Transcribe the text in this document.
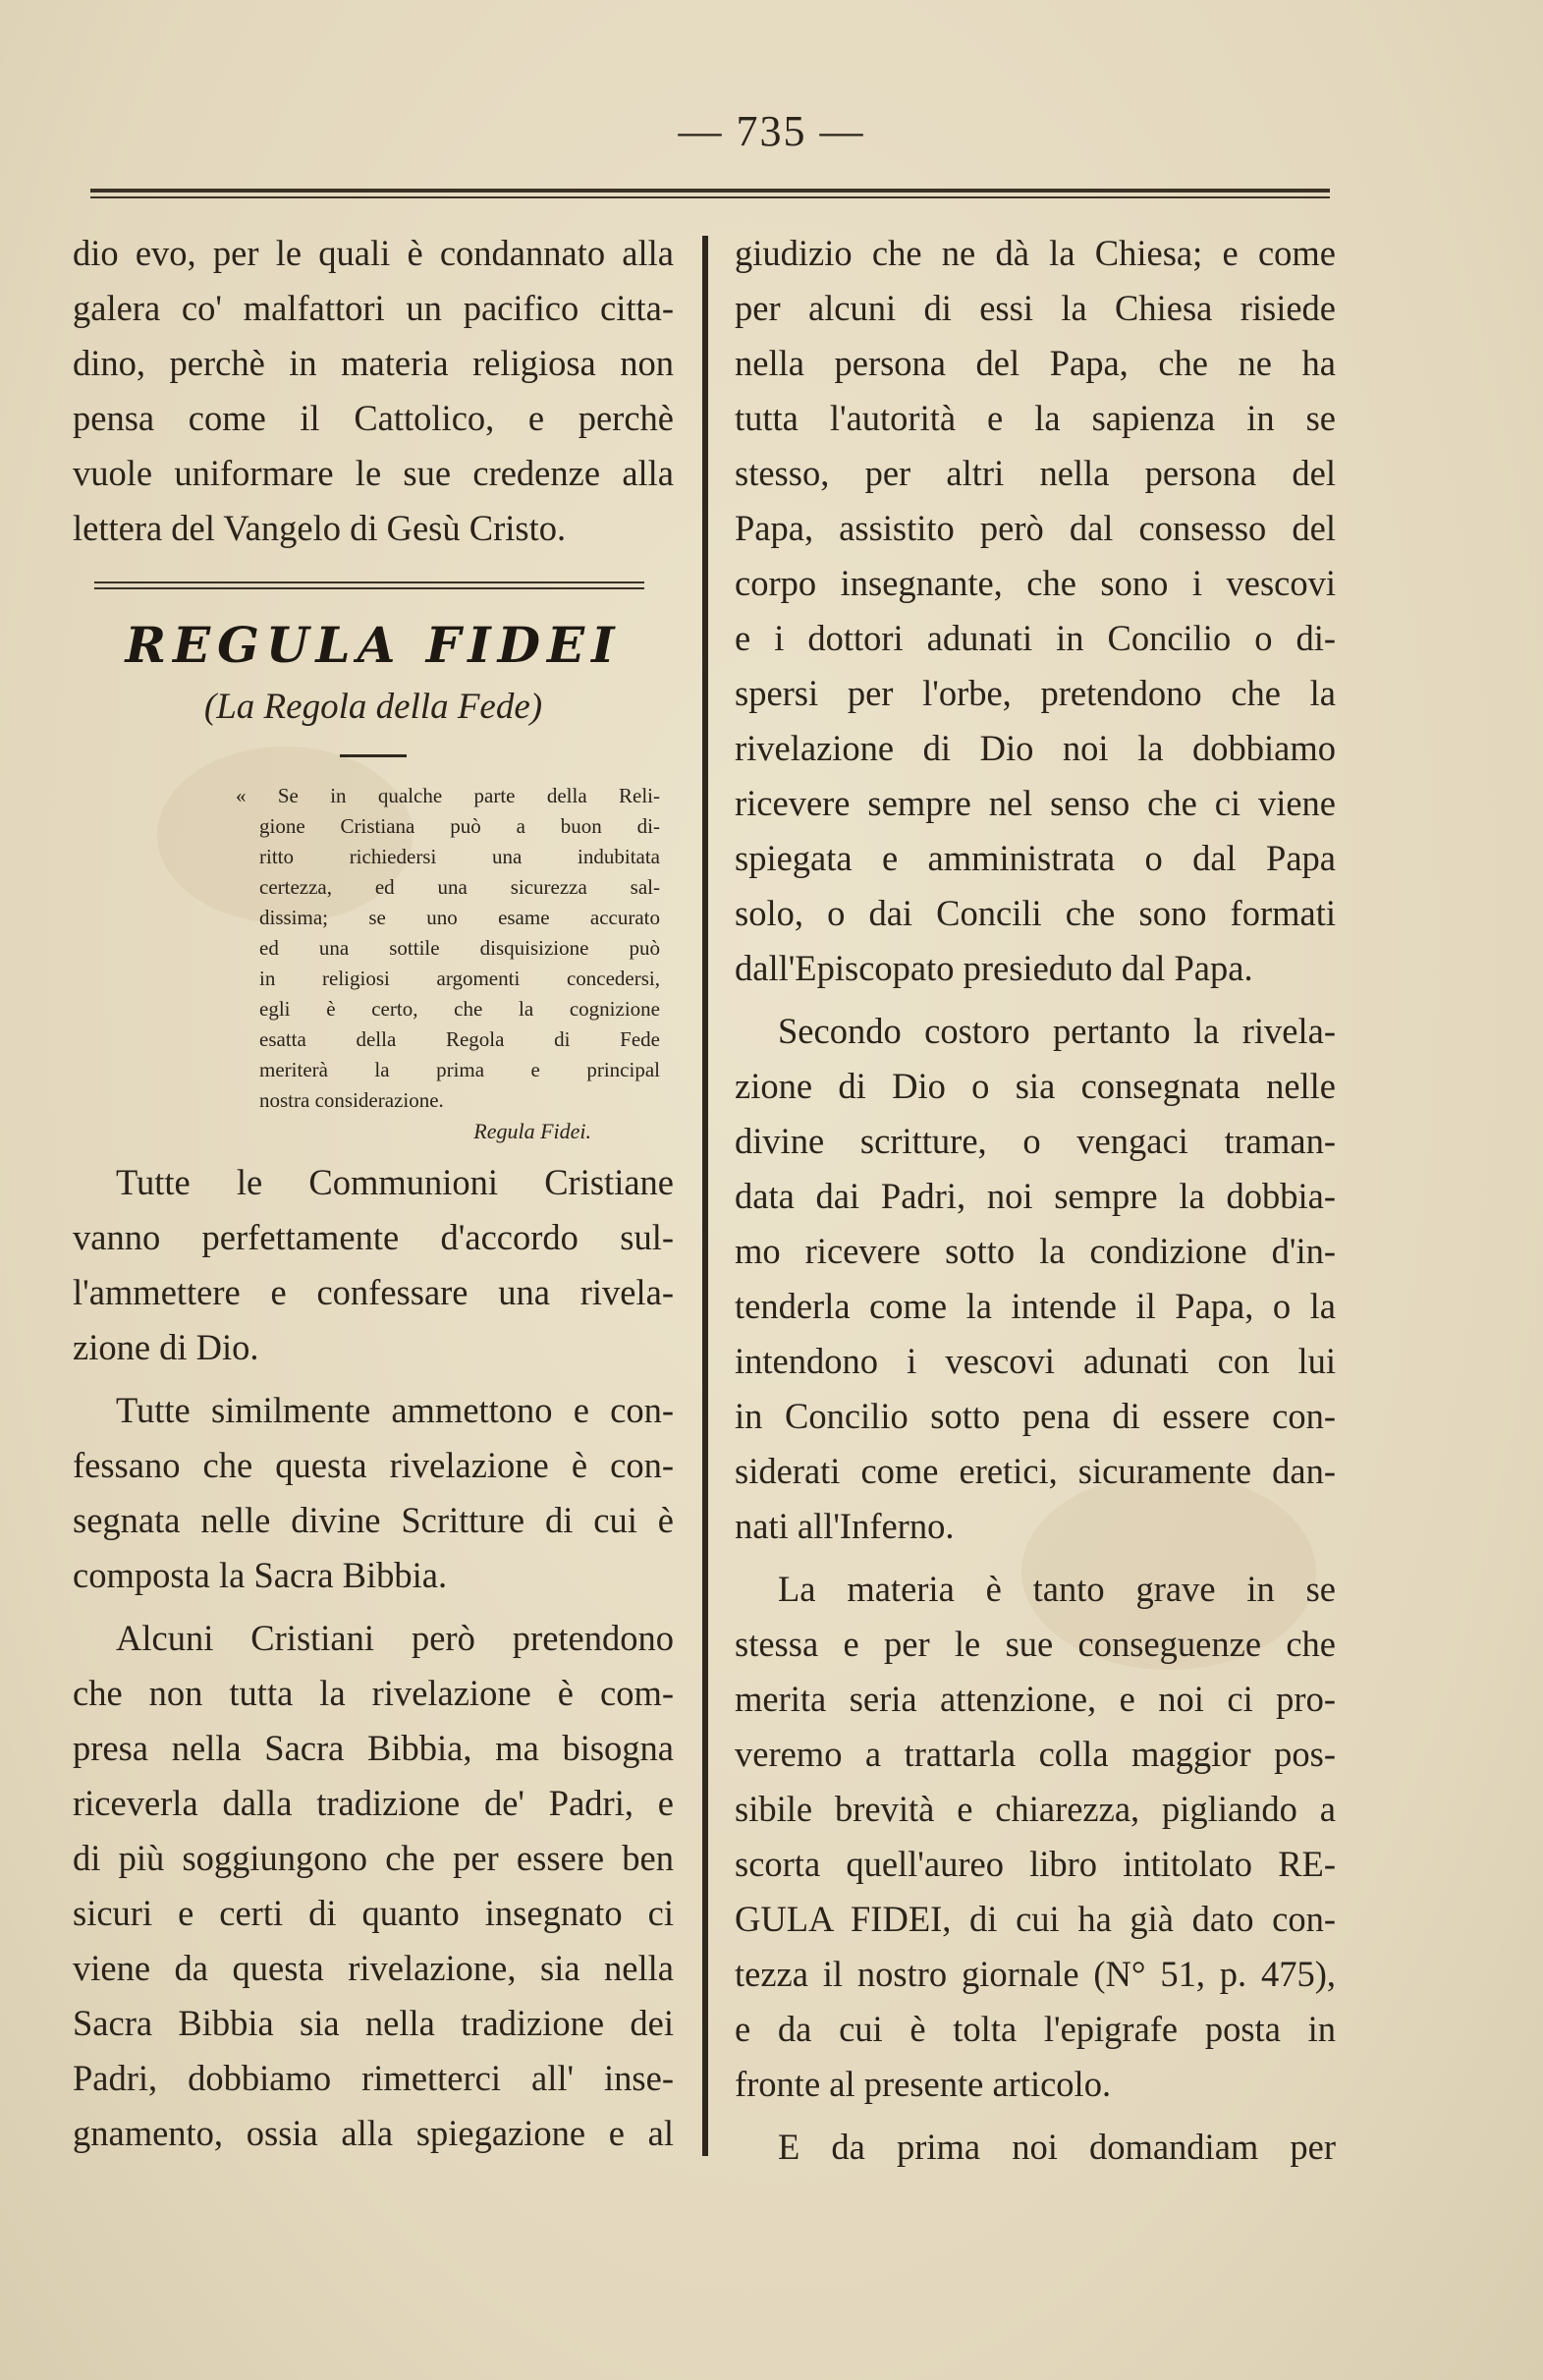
— 735 —

dio evo, per le quali è condannato alla
galera co' malfattori un pacifico citta-
dino, perchè in materia religiosa non
pensa come il Cattolico, e perchè
vuole uniformare le sue credenze alla
lettera del Vangelo di Gesù Cristo.

REGULA FIDEI
(La Regola della Fede)
« Se in qualche parte della Reli-
gione Cristiana può a buon di-
ritto richiedersi una indubitata
certezza, ed una sicurezza sal-
dissima; se uno esame accurato
ed una sottile disquisizione può
in religiosi argomenti concedersi,
egli è certo, che la cognizione
esatta della Regola di Fede
meriterà la prima e principal
nostra considerazione.
Regula Fidei.

Tutte le Communioni Cristiane

vanno perfettamente d'accordo sul-
l'ammettere e confessare una rivela-
zione di Dio.

Tutte similmente ammettono e con-

fessano che questa rivelazione è con-
segnata nelle divine Scritture di cui è
composta la Sacra Bibbia.

Alcuni Cristiani però pretendono

che non tutta la rivelazione è com-
presa nella Sacra Bibbia, ma bisogna
riceverla dalla tradizione de' Padri, e
di più soggiungono che per essere ben
sicuri e certi di quanto insegnato ci
viene da questa rivelazione, sia nella
Sacra Bibbia sia nella tradizione dei
Padri, dobbiamo rimetterci all' inse-
gnamento, ossia alla spiegazione e al

giudizio che ne dà la Chiesa; e come
per alcuni di essi la Chiesa risiede
nella persona del Papa, che ne ha
tutta l'autorità e la sapienza in se
stesso, per altri nella persona del
Papa, assistito però dal consesso del
corpo insegnante, che sono i vescovi
e i dottori adunati in Concilio o di-
spersi per l'orbe, pretendono che la
rivelazione di Dio noi la dobbiamo
ricevere sempre nel senso che ci viene
spiegata e amministrata o dal Papa
solo, o dai Concili che sono formati
dall'Episcopato presieduto dal Papa.

Secondo costoro pertanto la rivela-

zione di Dio o sia consegnata nelle
divine scritture, o vengaci traman-
data dai Padri, noi sempre la dobbia-
mo ricevere sotto la condizione d'in-
tenderla come la intende il Papa, o la
intendono i vescovi adunati con lui
in Concilio sotto pena di essere con-
siderati come eretici, sicuramente dan-
nati all'Inferno.

La materia è tanto grave in se

stessa e per le sue conseguenze che
merita seria attenzione, e noi ci pro-
veremo a trattarla colla maggior pos-
sibile brevità e chiarezza, pigliando a
scorta quell'aureo libro intitolato RE-
GULA FIDEI, di cui ha già dato con-
tezza il nostro giornale (N° 51, p. 475),
e da cui è tolta l'epigrafe posta in
fronte al presente articolo.

E da prima noi domandiam per
